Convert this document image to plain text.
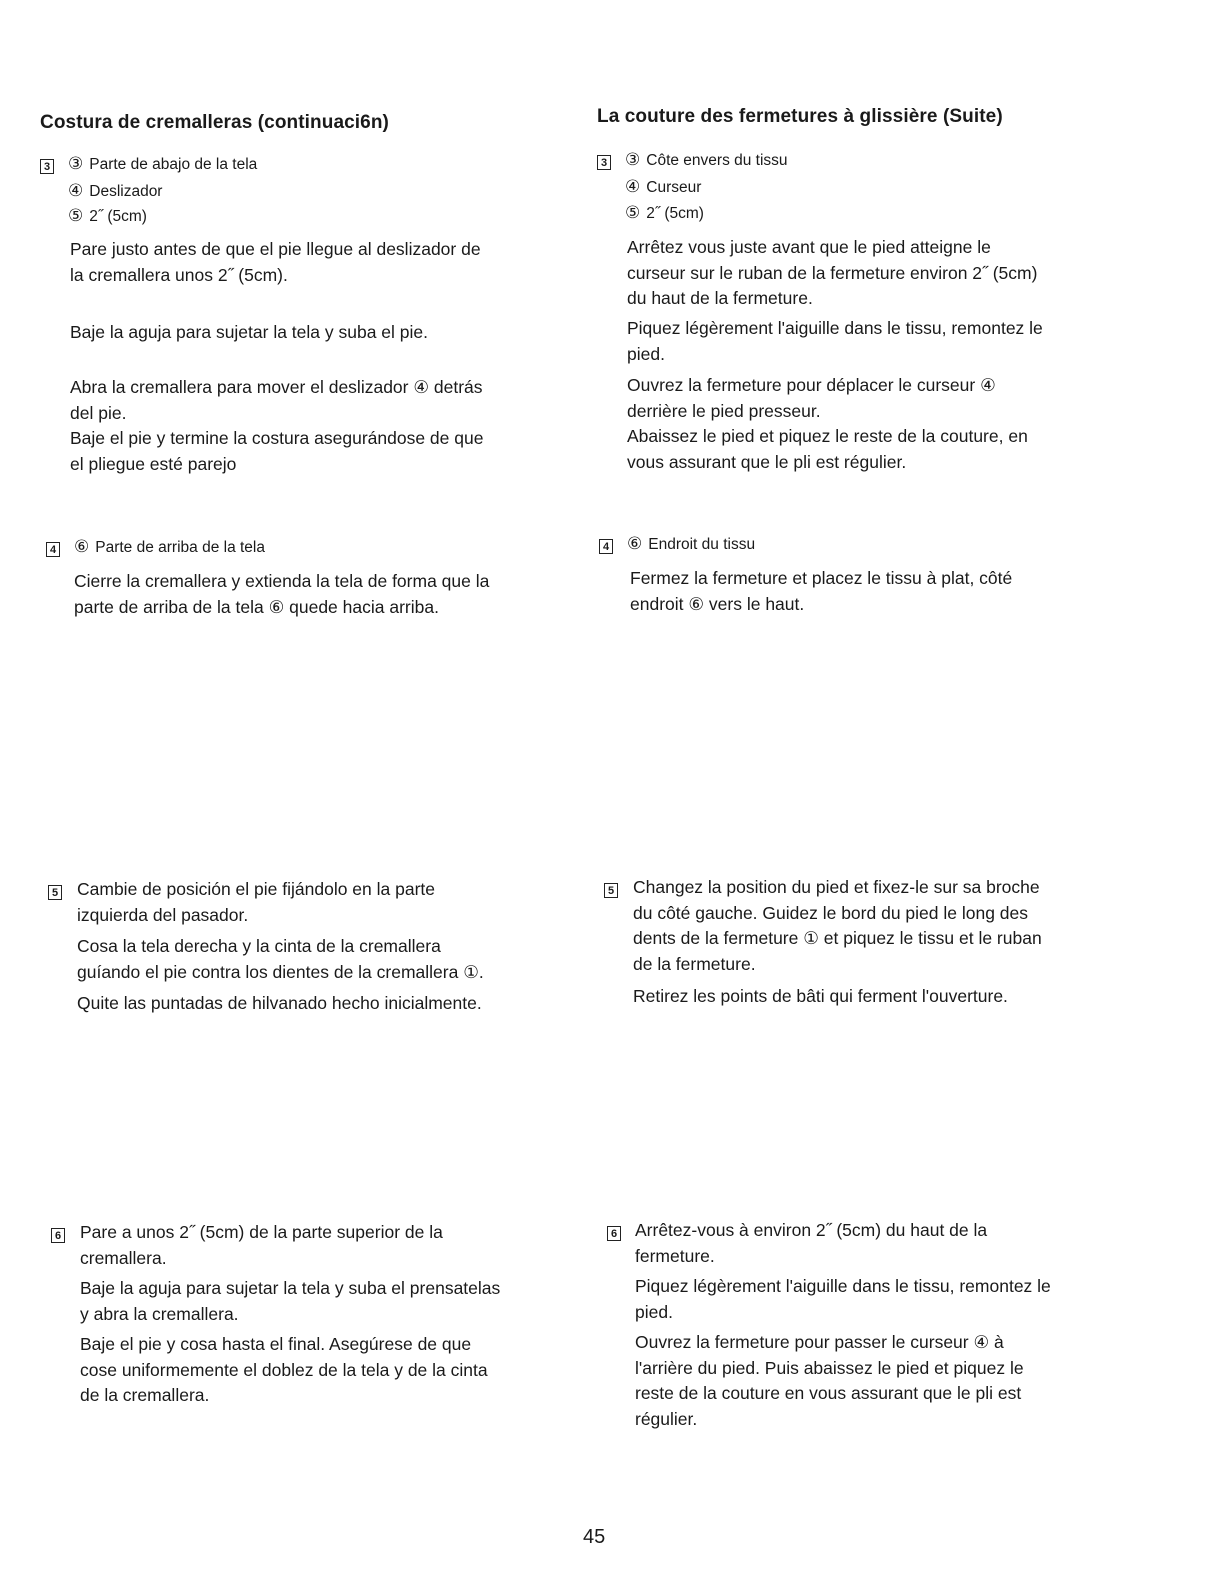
Costura de cremalleras (continuaci6n)
3 ③ Parte de abajo de la tela
④ Deslizador
⑤ 2˝ (5cm)
Pare justo antes de que el pie llegue al deslizador de
la cremallera unos 2˝ (5cm).
Baje la aguja para sujetar la tela y suba el pie.
Abra la cremallera para mover el deslizador ④ detrás
del pie.
Baje el pie y termine la costura asegurándose de que
el pliegue esté parejo
4 ⑥ Parte de arriba de la tela
Cierre la cremallera y extienda la tela de forma que la
parte de arriba de la tela ⑥ quede hacia arriba.
5 Cambie de posición el pie fijándolo en la parte
izquierda del pasador.
Cosa la tela derecha y la cinta de la cremallera
guíando el pie contra los dientes de la cremallera ①.
Quite las puntadas de hilvanado hecho inicialmente.
6 Pare a unos 2˝ (5cm) de la parte superior de la
cremallera.
Baje la aguja para sujetar la tela y suba el prensatelas
y abra la cremallera.
Baje el pie y cosa hasta el final. Asegúrese de que
cose uniformemente el doblez de la tela y de la cinta
de la cremallera.
La couture des fermetures à glissière (Suite)
3 ③ Côte envers du tissu
④ Curseur
⑤ 2˝ (5cm)
Arrêtez vous juste avant que le pied atteigne le
curseur sur le ruban de la fermeture environ 2˝ (5cm)
du haut de la fermeture.
Piquez légèrement l'aiguille dans le tissu, remontez le
pied.
Ouvrez la fermeture pour déplacer le curseur ④
derrière le pied presseur.
Abaissez le pied et piquez le reste de la couture, en
vous assurant que le pli est régulier.
4 ⑥ Endroit du tissu
Fermez la fermeture et placez le tissu à plat, côté
endroit ⑥ vers le haut.
5 Changez la position du pied et fixez-le sur sa broche
du côté gauche. Guidez le bord du pied le long des
dents de la fermeture ① et piquez le tissu et le ruban
de la fermeture.
Retirez les points de bâti qui ferment l'ouverture.
6 Arrêtez-vous à environ 2˝ (5cm) du haut de la
fermeture.
Piquez légèrement l'aiguille dans le tissu, remontez le
pied.
Ouvrez la fermeture pour passer le curseur ④ à
l'arrière du pied. Puis abaissez le pied et piquez le
reste de la couture en vous assurant que le pli est
régulier.
45
